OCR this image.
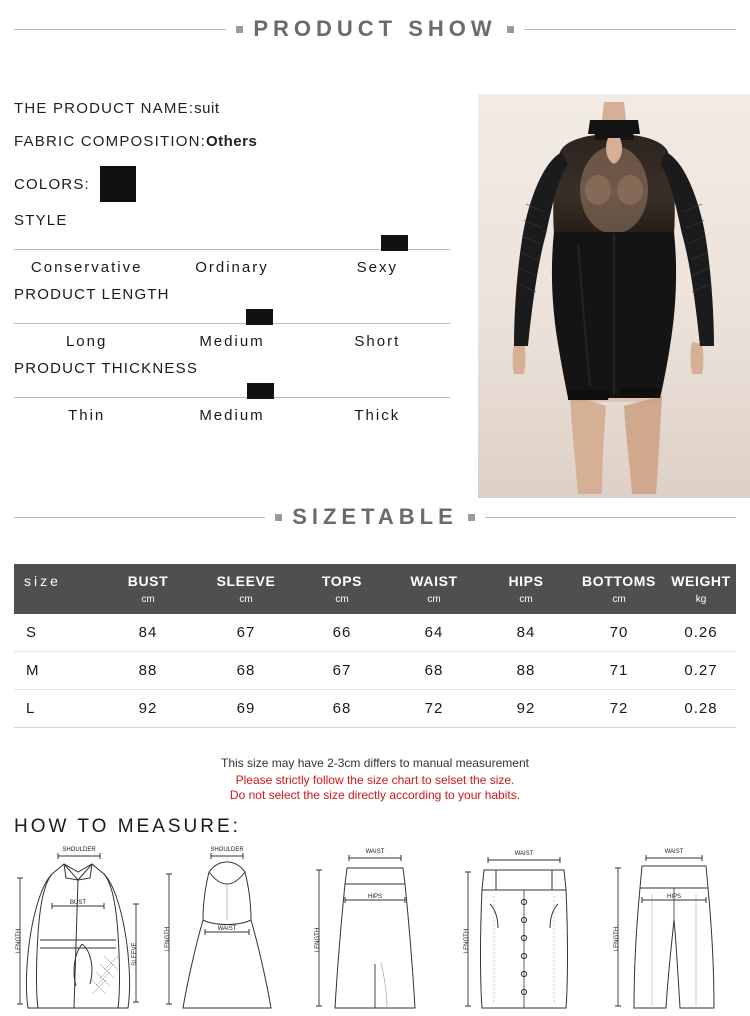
PRODUCT SHOW
THE PRODUCT NAME:suit
FABRIC COMPOSITION:Others
COLORS:
STYLE
Conservative	Ordinary	Sexy
PRODUCT LENGTH
Long	Medium	Short
PRODUCT THICKNESS
Thin	Medium	Thick
SIZETABLE
size	BUST	SLEEVE	TOPS	WAIST	HIPS	BOTTOMS	WEIGHT
	cm	cm	cm	cm	cm	cm	kg
S	84	67	66	64	84	70	0.26
M	88	68	67	68	88	71	0.27
L	92	69	68	72	92	72	0.28
This size may have 2-3cm differs to manual measurement
Please strictly follow the size chart to selset the size.
Do not select the size directly according to your habits.
HOW TO MEASURE:
SHOULDER
BUST
LENGTH
SLEEVE
SHOULDER
WAIST
LENGTH
WAIST
HIPS
LENGTH
WAIST
LENGTH
WAIST
HIPS
LENGTH
